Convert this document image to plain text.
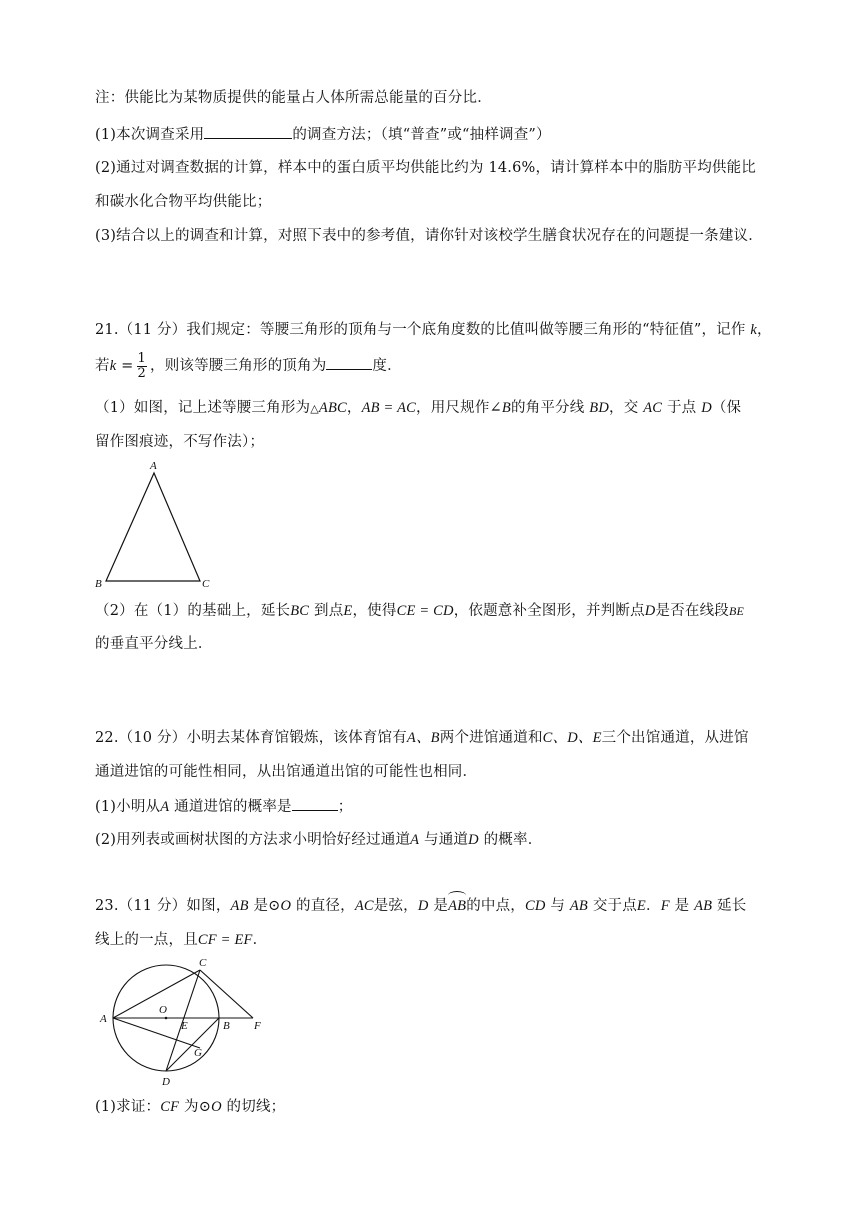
注：供能比为某物质提供的能量占人体所需总能量的百分比．
(1)本次调查采用	的调查方法；（填“普查”或“抽样调查”）
(2)通过对调查数据的计算，样本中的蛋白质平均供能比约为 14.6%，请计算样本中的脂肪平均供能比
和碳水化合物平均供能比；
(3)结合以上的调查和计算，对照下表中的参考值，请你针对该校学生膳食状况存在的问题提一条建议．
21.（11 分）我们规定：等腰三角形的顶角与一个底角度数的比值叫做等腰三角形的“特征值”，记作 k，
若$k = \frac{1}{2}$ ，则该等腰三角形的顶角为	度．
（1）如图，记上述等腰三角形为△ABC，AB = AC，用尺规作∠B的角平分线 BD，交 AC 于点 D（保
留作图痕迹，不写作法）；
A
B	C
（2）在（1）的基础上，延长BC 到点E，使得CE = CD，依题意补全图形，并判断点D是否在线段BE
的垂直平分线上．
22.（10 分）小明去某体育馆锻炼，该体育馆有A、B两个进馆通道和C、D、E三个出馆通道，从进馆
通道进馆的可能性相同，从出馆通道出馆的可能性也相同．
(1)小明从A 通道进馆的概率是	；
(2)用列表或画树状图的方法求小明恰好经过通道A 与通道D 的概率．
23.（11 分）如图，AB 是⊙O 的直径，AC是弦，D 是AB的中点，CD 与 AB 交于点E．F 是 AB 延长
线上的一点，且CF = EF．
A
O
C
E	B F
G
D
(1)求证：CF 为⊙O 的切线；
